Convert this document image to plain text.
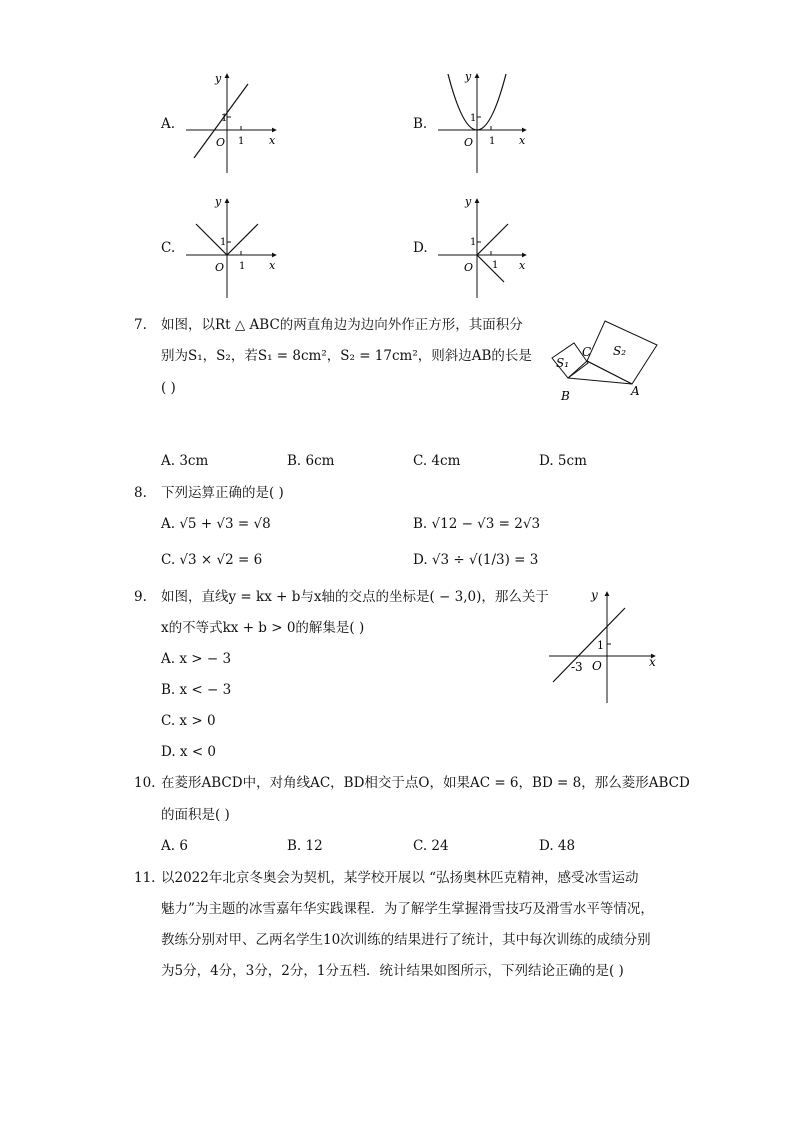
A.
y
x
O 1
1	B.
y
x
O 1
1
C.
y
x
O 1
1	D.
y
x
O 1
1
7. 如图，以Rt △ ABC的两直角边为边向外作正方形，其面积分
别为S₁，S₂，若S₁ = 8cm²，S₂ = 17cm²，则斜边AB的长是
( )
S₁
S₂
C
B	A
A. 3cm	B. 6cm	C. 4cm	D. 5cm
8. 下列运算正确的是( )
A. √5 + √3 = √8	B. √12 − √3 = 2√3
C. √3 × √2 = 6	D. √3 ÷ √(1/3) = 3
9. 如图，直线y = kx + b与x轴的交点的坐标是( − 3,0)，那么关于
x的不等式kx + b > 0的解集是( )
A. x > − 3
B. x < − 3
C. x > 0
D. x < 0
y
x
O
-3
1
10. 在菱形ABCD中，对角线AC，BD相交于点O，如果AC = 6，BD = 8，那么菱形ABCD
的面积是( )
A. 6	B. 12	C. 24	D. 48
11. 以2022年北京冬奥会为契机，某学校开展以 “弘扬奥林匹克精神，感受冰雪运动
魅力”为主题的冰雪嘉年华实践课程．为了解学生掌握滑雪技巧及滑雪水平等情况，
教练分别对甲、乙两名学生10次训练的结果进行了统计，其中每次训练的成绩分别
为5分，4分，3分，2分，1分五档．统计结果如图所示，下列结论正确的是( )
